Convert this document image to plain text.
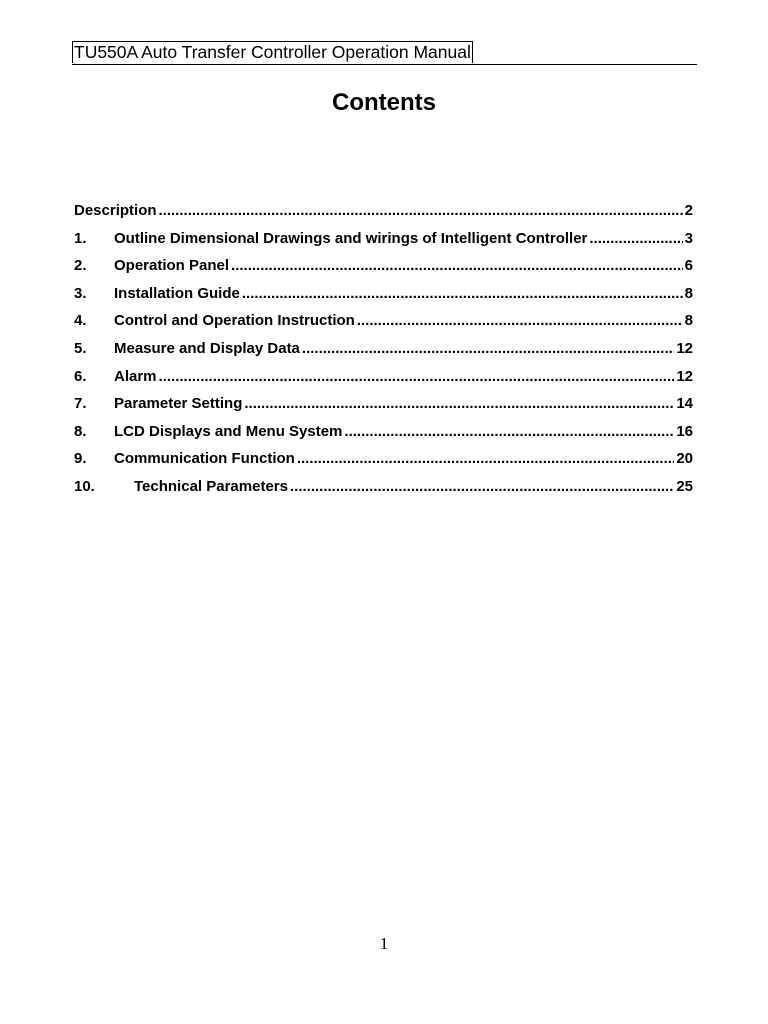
TU550A Auto Transfer Controller Operation Manual
Contents
Description .....	2
1.	Outline Dimensional Drawings and wirings of Intelligent Controller .....	3
2.	Operation Panel .....	6
3.	Installation Guide .....	8
4.	Control and Operation Instruction .....	8
5.	Measure and Display Data .....	12
6.	Alarm .....	12
7.	Parameter Setting .....	14
8.	LCD Displays and Menu System .....	16
9.	Communication Function .....	20
10.	Technical Parameters .....	25
1
